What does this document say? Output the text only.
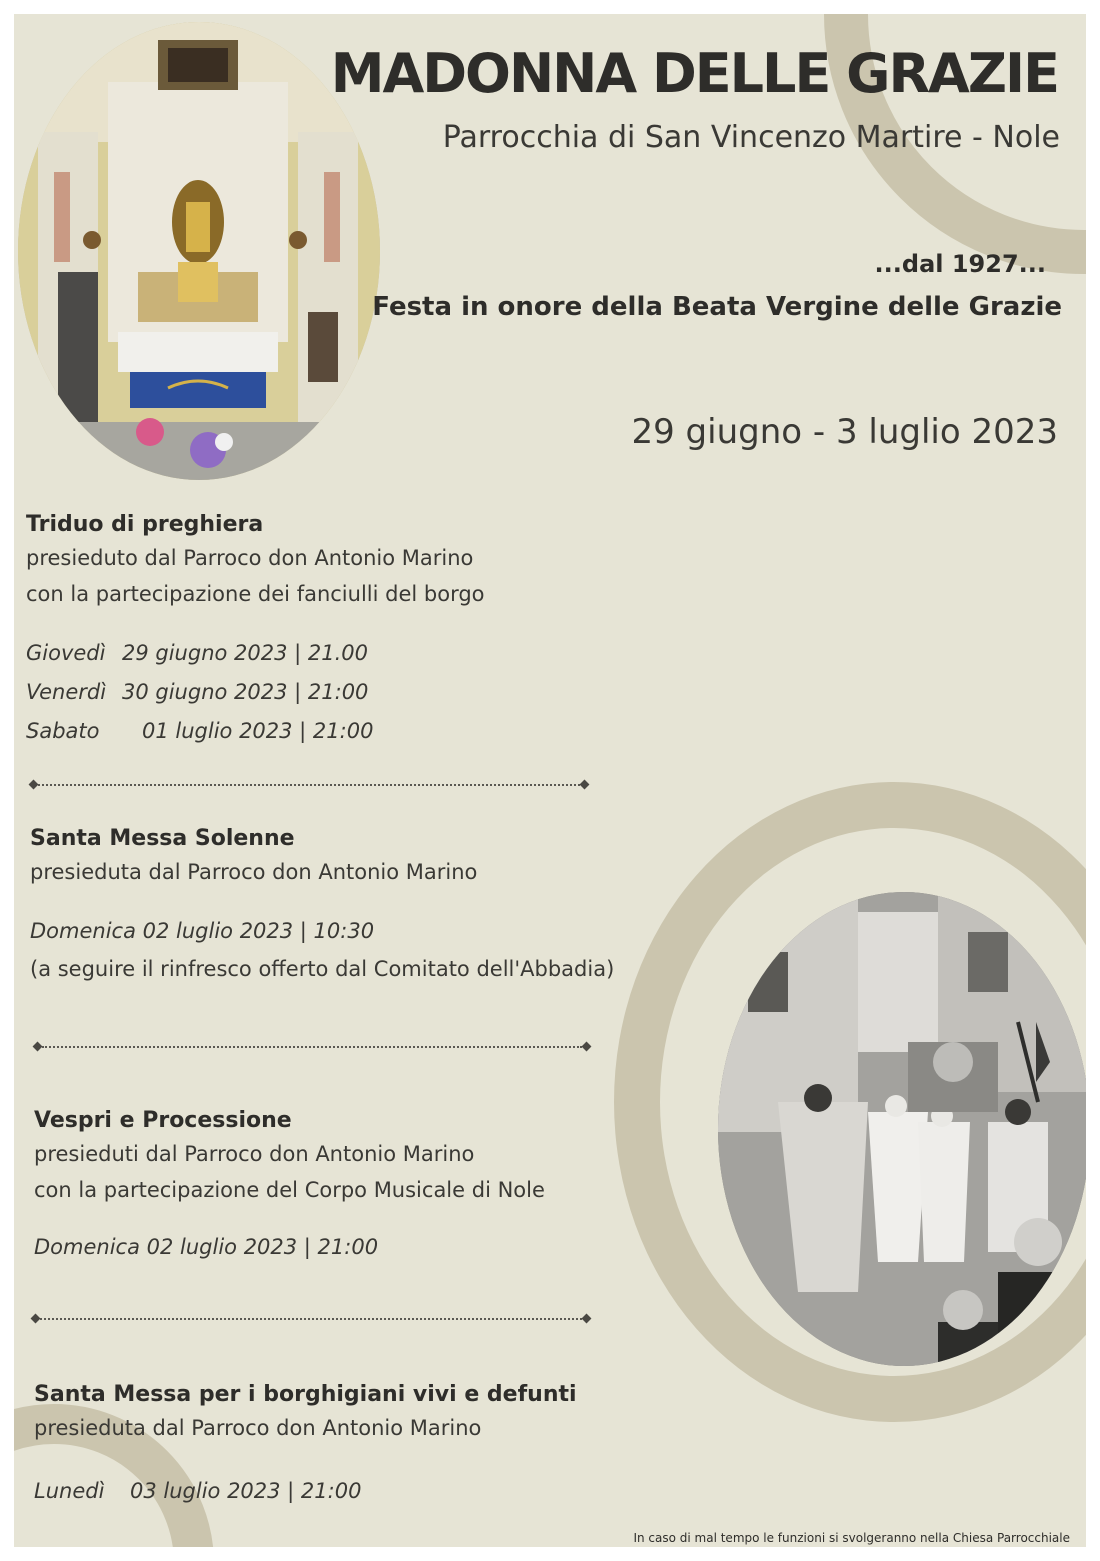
MADONNA DELLE GRAZIE
Parrocchia di San Vincenzo Martire - Nole
...dal 1927...
Festa in onore della Beata Vergine delle Grazie
29 giugno - 3 luglio 2023
Triduo di preghiera

presieduto dal Parroco don Antonio Marino

con la partecipazione dei fanciulli del borgo

Giovedì 29 giugno 2023 | 21.00
Venerdì 30 giugno 2023 | 21:00
Sabato 01 luglio 2023 | 21:00
Santa Messa Solenne

presieduta dal Parroco don Antonio Marino

Domenica 02 luglio 2023 | 10:30

(a seguire il rinfresco offerto dal Comitato dell'Abbadia)

Vespri e Processione

presieduti dal Parroco don Antonio Marino

con la partecipazione del Corpo Musicale di Nole

Domenica 02 luglio 2023 | 21:00
Santa Messa per i borghigiani vivi e defunti

presieduta dal Parroco don Antonio Marino

Lunedì 03 luglio 2023 | 21:00
In caso di mal tempo le funzioni si svolgeranno nella Chiesa Parrocchiale
